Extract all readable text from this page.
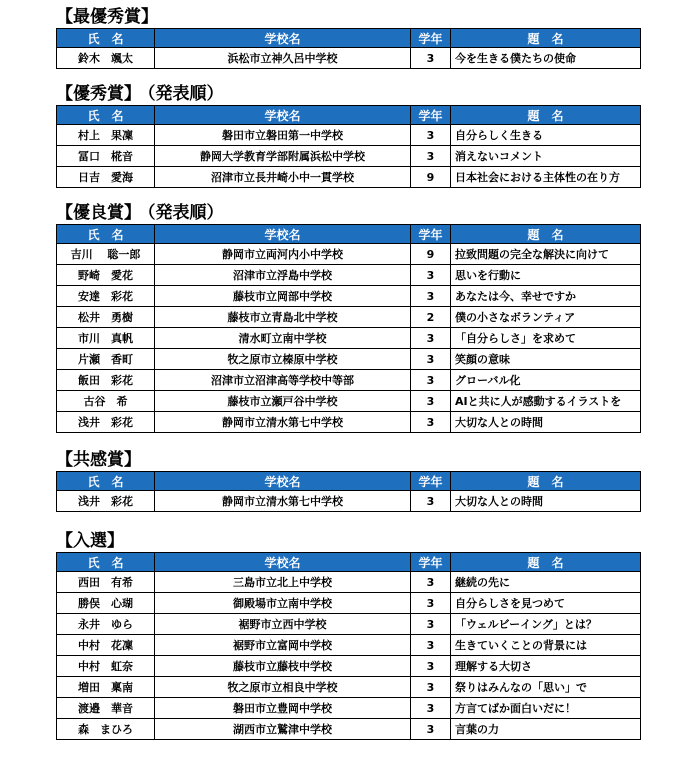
【最優秀賞】
氏　名	学校名	学年	題　名
鈴木　颯太	浜松市立神久呂中学校	3	今を生きる僕たちの使命
【優秀賞】 （発表順）
氏　名	学校名	学年	題　名
村上　果凜	磐田市立磐田第一中学校	3	自分らしく生きる
冨口　椛音	静岡大学教育学部附属浜松中学校	3	消えないコメント
日吉　愛海	沼津市立長井崎小中一貫学校	9	日本社会における主体性の在り方
【優良賞】 （発表順）
氏　名	学校名	学年	題　名
吉川　 聡一郎	静岡市立両河内小中学校	9	拉致問題の完全な解決に向けて
野崎　愛花	沼津市立浮島中学校	3	思いを行動に
安達　彩花	藤枝市立岡部中学校	3	あなたは今、幸せですか
松井　勇樹	藤枝市立青島北中学校	2	僕の小さなボランティア
市川　真帆	清水町立南中学校	3	「自分らしさ」を求めて
片瀬　香町	牧之原市立榛原中学校	3	笑顔の意味
飯田　彩花	沼津市立沼津高等学校中等部	3	グローバル化
古谷　希	藤枝市立瀬戸谷中学校	3	AIと共に人が感動するイラストを
浅井　彩花	静岡市立清水第七中学校	3	大切な人との時間
【共感賞】
氏　名	学校名	学年	題　名
浅井　彩花	静岡市立清水第七中学校	3	大切な人との時間
【入選】
氏　名	学校名	学年	題　名
西田　有希	三島市立北上中学校	3	継続の先に
勝俣　心瑚	御殿場市立南中学校	3	自分らしさを見つめて
永井　ゆら	裾野市立西中学校	3	「ウェルビーイング」とは？
中村　花凜	裾野市立富岡中学校	3	生きていくことの背景には
中村　虹奈	藤枝市立藤枝中学校	3	理解する大切さ
増田　稟南	牧之原市立相良中学校	3	祭りはみんなの「思い」で
渡邉　華音	磐田市立豊岡中学校	3	方言てばか面白いだに！
森　まひろ	湖西市立鷲津中学校	3	言葉の力
